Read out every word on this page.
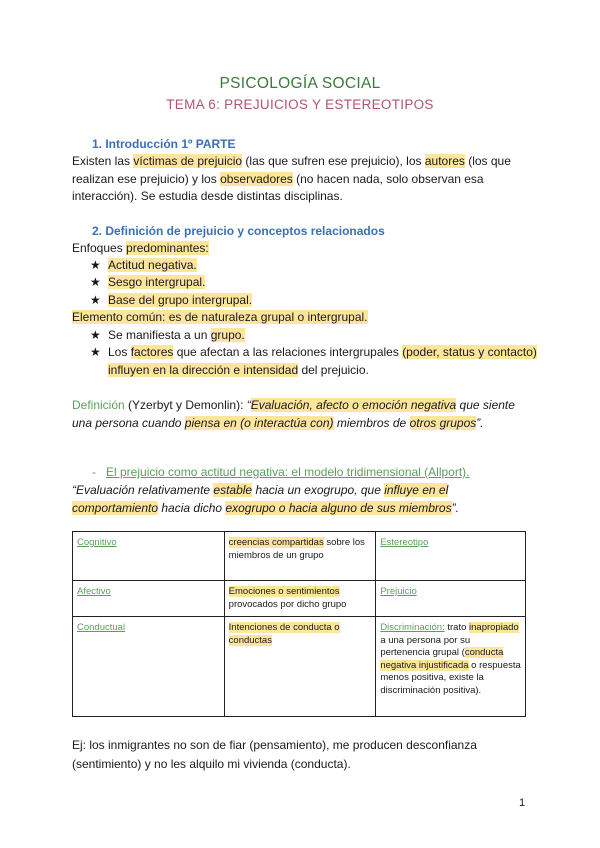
PSICOLOGÍA SOCIAL
TEMA 6: PREJUICIOS Y ESTEREOTIPOS
1. Introducción 1º PARTE
Existen las víctimas de prejuicio (las que sufren ese prejuicio), los autores (los que realizan ese prejuicio) y los observadores (no hacen nada, solo observan esa interacción). Se estudia desde distintas disciplinas.
2. Definición de prejuicio y conceptos relacionados
Enfoques predominantes:
★ Actitud negativa.
★ Sesgo intergrupal.
★ Base del grupo intergrupal.
Elemento común: es de naturaleza grupal o intergrupal.
★ Se manifiesta a un grupo.
★ Los factores que afectan a las relaciones intergrupales (poder, status y contacto) influyen en la dirección e intensidad del prejuicio.
Definición (Yzerbyt y Demonlin): “Evaluación, afecto o emoción negativa que siente una persona cuando piensa en (o interactúa con) miembros de otros grupos”.
- El prejuicio como actitud negativa: el modelo tridimensional (Allport).
“Evaluación relativamente estable hacia un exogrupo, que influye en el comportamiento hacia dicho exogrupo o hacia alguno de sus miembros”.
Cognitivo	creencias compartidas sobre los miembros de un grupo	Estereotipo
Afectivo	Emociones o sentimientos provocados por dicho grupo	Prejuicio
Conductual	Intenciones de conducta o conductas	Discriminación: trato inapropiado a una persona por su pertenencia grupal (conducta negativa injustificada o respuesta menos positiva, existe la discriminación positiva).
Ej: los inmigrantes no son de fiar (pensamiento), me producen desconfianza (sentimiento) y no les alquilo mi vivienda (conducta).
1
